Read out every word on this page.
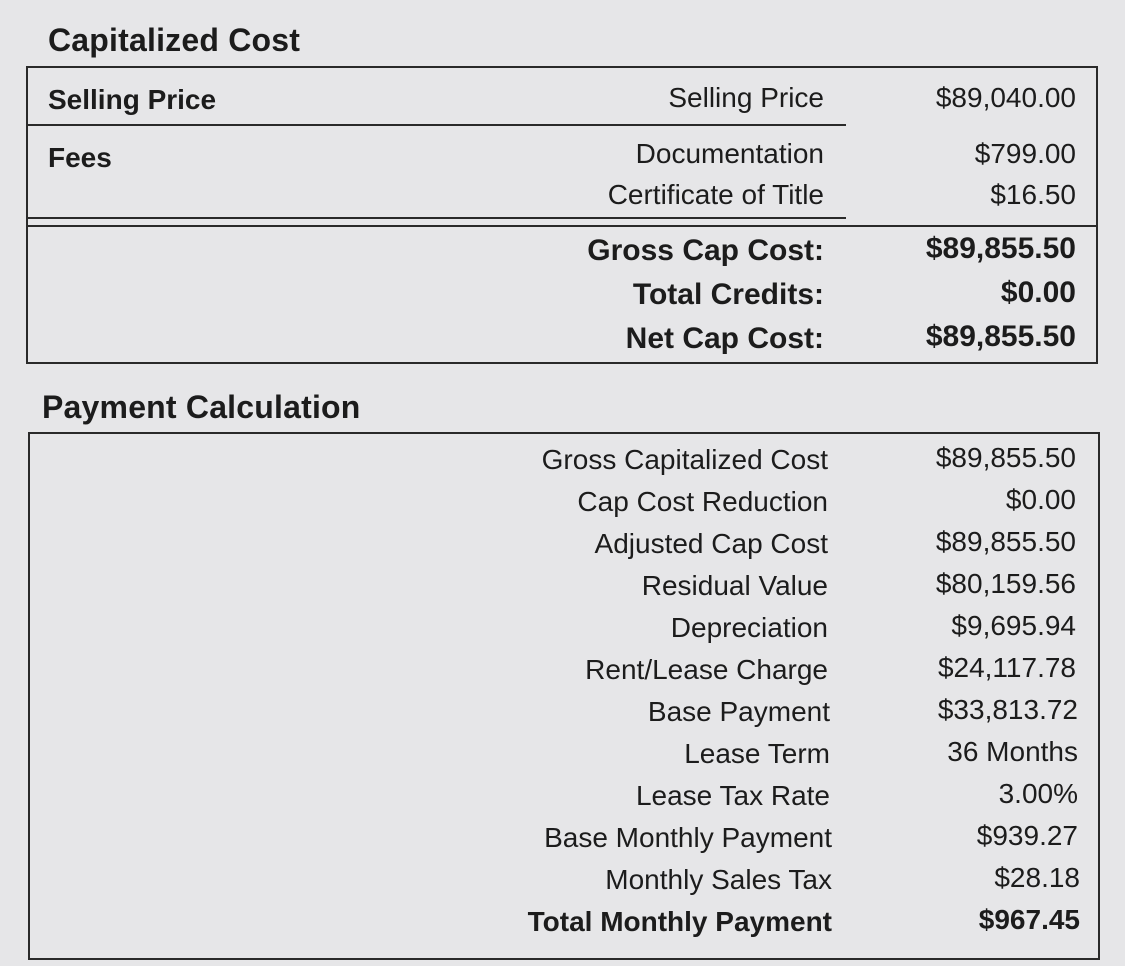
Capitalized Cost
Selling Price	Selling Price	$89,040.00
Fees	Documentation	$799.00
Certificate of Title	$16.50
Gross Cap Cost:	$89,855.50
Total Credits:	$0.00
Net Cap Cost:	$89,855.50
Payment Calculation
Gross Capitalized Cost	$89,855.50
Cap Cost Reduction	$0.00
Adjusted Cap Cost	$89,855.50
Residual Value	$80,159.56
Depreciation	$9,695.94
Rent/Lease Charge	$24,117.78
Base Payment	$33,813.72
Lease Term	36 Months
Lease Tax Rate	3.00%
Base Monthly Payment	$939.27
Monthly Sales Tax	$28.18
Total Monthly Payment	$967.45
